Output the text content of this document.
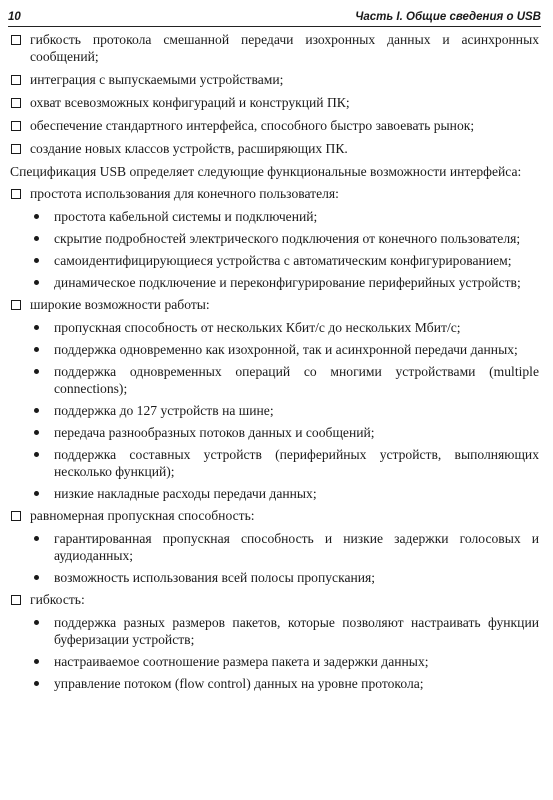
10	Часть I. Общие сведения о USB
гибкость протокола смешанной передачи изохронных данных и асинхронных сообщений;
интеграция с выпускаемыми устройствами;
охват всевозможных конфигураций и конструкций ПК;
обеспечение стандартного интерфейса, способного быстро завоевать рынок;
создание новых классов устройств, расширяющих ПК.
Спецификация USB определяет следующие функциональные возможности интерфейса:
простота использования для конечного пользователя:
простота кабельной системы и подключений;
скрытие подробностей электрического подключения от конечного пользователя;
самоидентифицирующиеся устройства с автоматическим конфигурированием;
динамическое подключение и переконфигурирование периферийных устройств;
широкие возможности работы:
пропускная способность от нескольких Кбит/с до нескольких Мбит/с;
поддержка одновременно как изохронной, так и асинхронной передачи данных;
поддержка одновременных операций со многими устройствами (multiple connections);
поддержка до 127 устройств на шине;
передача разнообразных потоков данных и сообщений;
поддержка составных устройств (периферийных устройств, выполняющих несколько функций);
низкие накладные расходы передачи данных;
равномерная пропускная способность:
гарантированная пропускная способность и низкие задержки голосовых и аудиоданных;
возможность использования всей полосы пропускания;
гибкость:
поддержка разных размеров пакетов, которые позволяют настраивать функции буферизации устройств;
настраиваемое соотношение размера пакета и задержки данных;
управление потоком (flow control) данных на уровне протокола;
